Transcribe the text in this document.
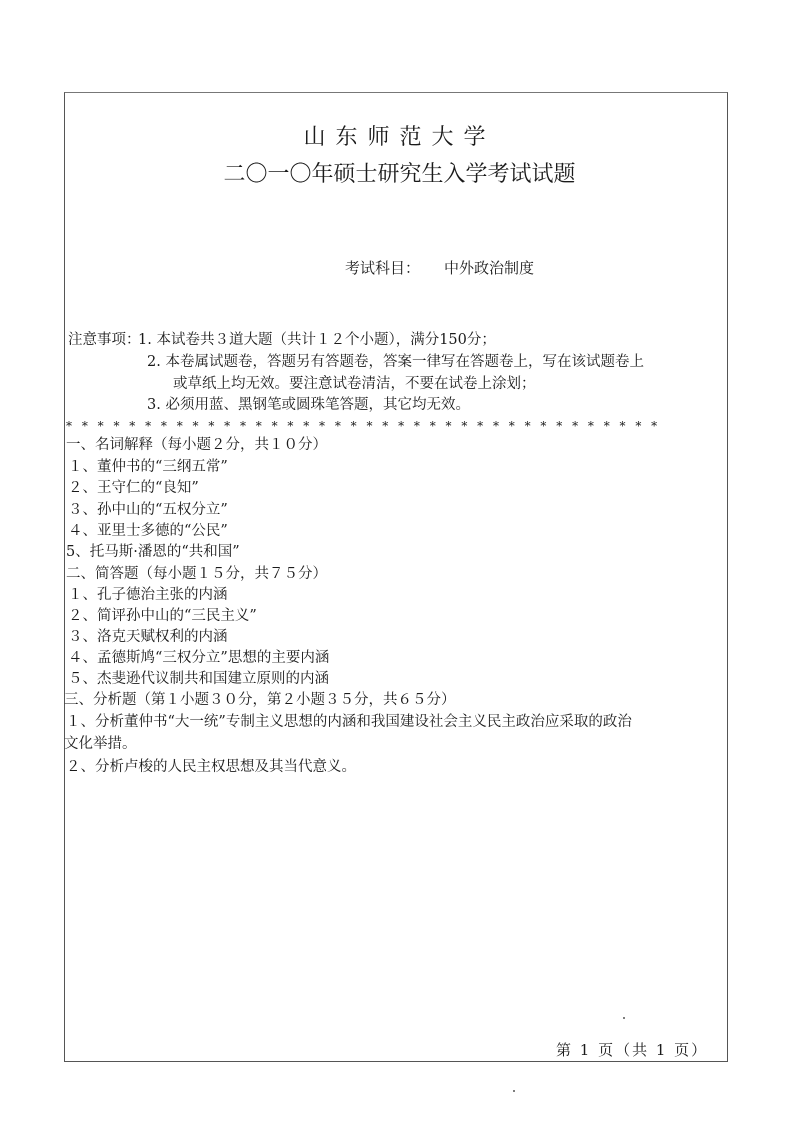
山东师范大学
二〇一〇年硕士研究生入学考试试题
考试科目： 中外政治制度
注意事项：
1. 本试卷共３道大题（共计１２个小题），满分150分；
2. 本卷属试题卷，答题另有答题卷，答案一律写在答题卷上，写在该试题卷上
或草纸上均无效。要注意试卷清洁，不要在试卷上涂划；
3. 必须用蓝、黑钢笔或圆珠笔答题，其它均无效。
* * * * * * * * * * * * * * * * * * * * * * * * * * * * * * * * * * * * * *
一、名词解释（每小题２分，共１０分）
１、董仲书的“三纲五常”
２、王守仁的“良知”
３、孙中山的“五权分立”
４、亚里士多德的“公民”
5、托马斯·潘恩的“共和国”
二、简答题（每小题１５分，共７５分）
１、孔子德治主张的内涵
２、简评孙中山的“三民主义”
３、洛克天赋权利的内涵
４、孟德斯鸠“三权分立”思想的主要内涵
５、杰斐逊代议制共和国建立原则的内涵
三、分析题（第１小题３０分，第２小题３５分，共６５分）
１、分析董仲书“大一统”专制主义思想的内涵和我国建设社会主义民主政治应采取的政治
文化举措。
２、分析卢梭的人民主权思想及其当代意义。
第 1 页（共 1 页）
